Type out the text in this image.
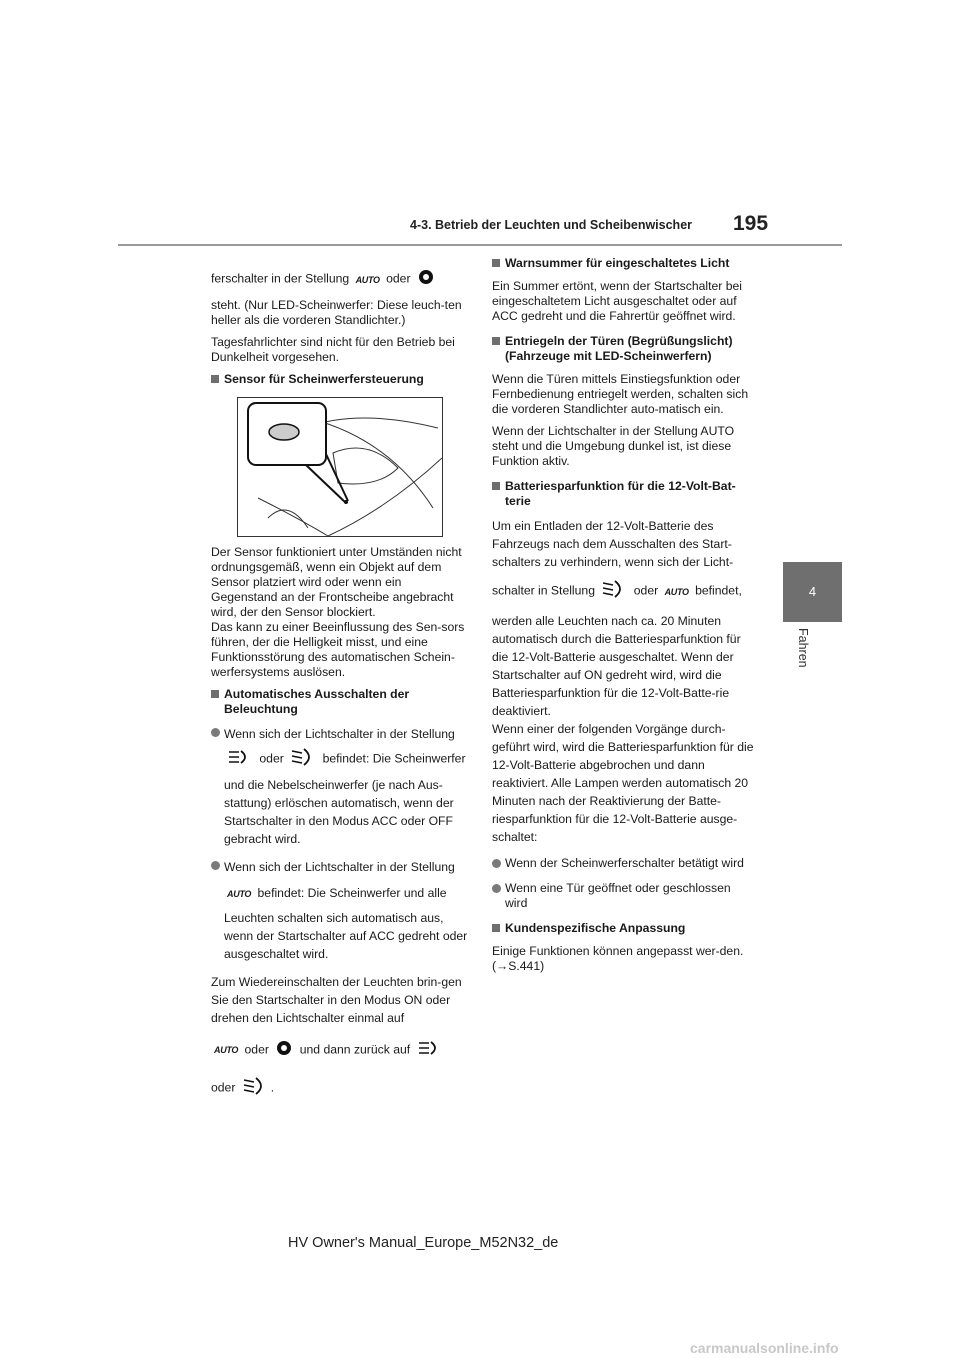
4-3. Betrieb der Leuchten und Scheibenwischer 195
4
Fahren

ferschalter in der Stellung AUTO oder

steht. (Nur LED-Scheinwerfer: Diese leuch-ten heller als die vorderen Standlichter.)

Tagesfahrlichter sind nicht für den Betrieb bei Dunkelheit vorgesehen.

Sensor für Scheinwerfersteuerung

Der Sensor funktioniert unter Umständen nicht ordnungsgemäß, wenn ein Objekt auf dem Sensor platziert wird oder wenn ein Gegenstand an der Frontscheibe angebracht wird, der den Sensor blockiert.

Das kann zu einer Beeinflussung des Sen-sors führen, der die Helligkeit misst, und eine Funktionsstörung des automatischen Schein-werfersystems auslösen.

Automatisches Ausschalten der Beleuchtung

Wenn sich der Lichtschalter in der Stellung
oder	befindet: Die Scheinwerfer
und die Nebelscheinwerfer (je nach Aus-stattung) erlöschen automatisch, wenn der Startschalter in den Modus ACC oder OFF gebracht wird.
Wenn sich der Lichtschalter in der Stellung
AUTO befindet: Die Scheinwerfer und alle
Leuchten schalten sich automatisch aus, wenn der Startschalter auf ACC gedreht oder ausgeschaltet wird.

Zum Wiedereinschalten der Leuchten brin-gen Sie den Startschalter in den Modus ON oder drehen den Lichtschalter einmal auf

AUTO oder	und dann zurück auf

oder	.

Warnsummer für eingeschaltetes Licht

Ein Summer ertönt, wenn der Startschalter bei eingeschaltetem Licht ausgeschaltet oder auf ACC gedreht und die Fahrertür geöffnet wird.

Entriegeln der Türen (Begrüßungslicht) (Fahrzeuge mit LED-Scheinwerfern)

Wenn die Türen mittels Einstiegsfunktion oder Fernbedienung entriegelt werden, schalten sich die vorderen Standlichter auto-matisch ein.

Wenn der Lichtschalter in der Stellung AUTO steht und die Umgebung dunkel ist, ist diese Funktion aktiv.

Batteriesparfunktion für die 12-Volt-Bat-terie

Um ein Entladen der 12-Volt-Batterie des Fahrzeugs nach dem Ausschalten des Start-schalters zu verhindern, wenn sich der Licht-

schalter in Stellung	oder AUTO befindet,

werden alle Leuchten nach ca. 20 Minuten automatisch durch die Batteriesparfunktion für die 12-Volt-Batterie ausgeschaltet. Wenn der Startschalter auf ON gedreht wird, wird die Batteriesparfunktion für die 12-Volt-Batte-rie deaktiviert.

Wenn einer der folgenden Vorgänge durch-geführt wird, wird die Batteriesparfunktion für die 12-Volt-Batterie abgebrochen und dann reaktiviert. Alle Lampen werden automatisch 20 Minuten nach der Reaktivierung der Batte-riesparfunktion für die 12-Volt-Batterie ausge-schaltet:

Wenn der Scheinwerferschalter betätigt wird
Wenn eine Tür geöffnet oder geschlossen wird

Kundenspezifische Anpassung

Einige Funktionen können angepasst wer-den. (→S.441)

HV Owner's Manual_Europe_M52N32_de
carmanualsonline.info
